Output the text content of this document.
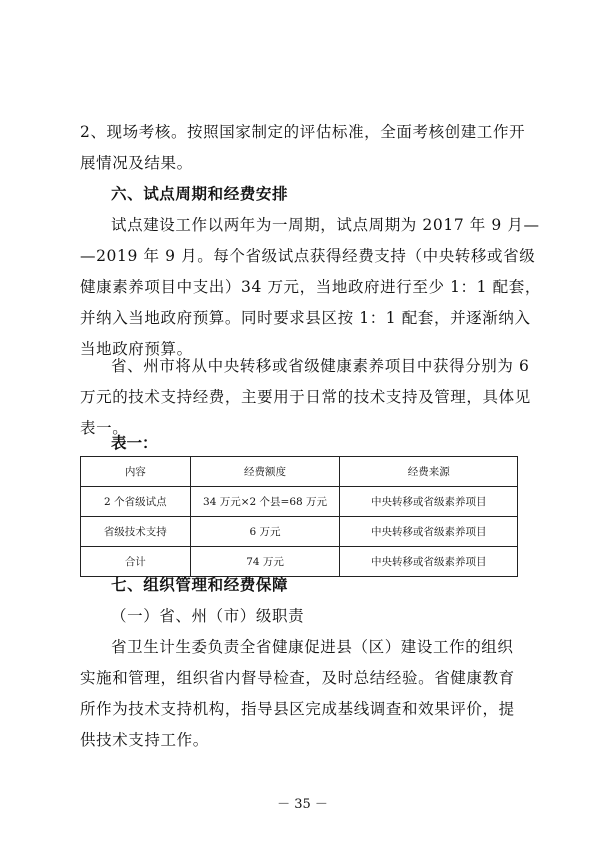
2、现场考核。按照国家制定的评估标准，全面考核创建工作开
展情况及结果。

六、试点周期和经费安排

试点建设工作以两年为一周期，试点周期为 2017 年 9 月—
—2019 年 9 月。每个省级试点获得经费支持（中央转移或省级
健康素养项目中支出）34 万元，当地政府进行至少 1：1 配套，
并纳入当地政府预算。同时要求县区按 1：1 配套，并逐渐纳入
当地政府预算。

省、州市将从中央转移或省级健康素养项目中获得分别为 6
万元的技术支持经费，主要用于日常的技术支持及管理，具体见
表一。

表一：

内容	经费额度	经费来源
2 个省级试点	34 万元×2 个县=68 万元	中央转移或省级素养项目
省级技术支持	6 万元	中央转移或省级素养项目
合计	74 万元	中央转移或省级素养项目
七、组织管理和经费保障

（一）省、州（市）级职责

省卫生计生委负责全省健康促进县（区）建设工作的组织
实施和管理，组织省内督导检查，及时总结经验。省健康教育
所作为技术支持机构，指导县区完成基线调查和效果评价，提
供技术支持工作。

－ 35 －
